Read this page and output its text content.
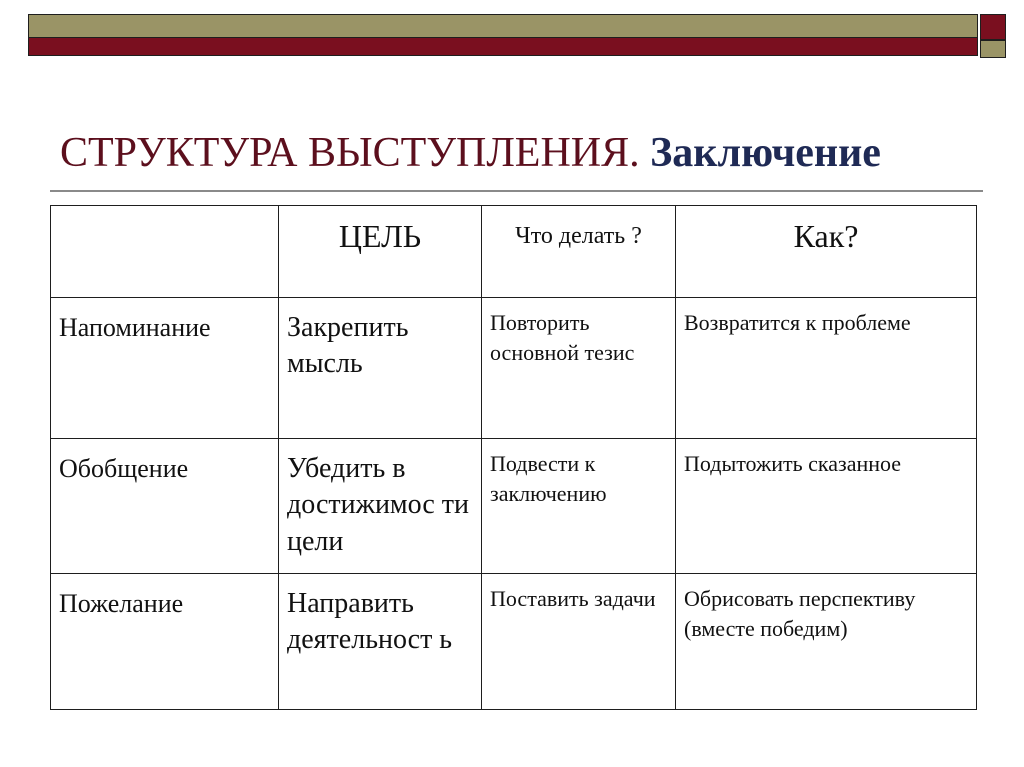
СТРУКТУРА ВЫСТУПЛЕНИЯ. Заключение
	ЦЕЛЬ	Что делать ?	Как?
Напоминание	Закрепить мысль	Повторить основной тезис	Возвратится к проблеме
Обобщение	Убедить в достижимос ти цели	Подвести к заключению	Подытожить сказанное
Пожелание	Направить деятельност ь	Поставить задачи	Обрисовать перспективу (вместе победим)
